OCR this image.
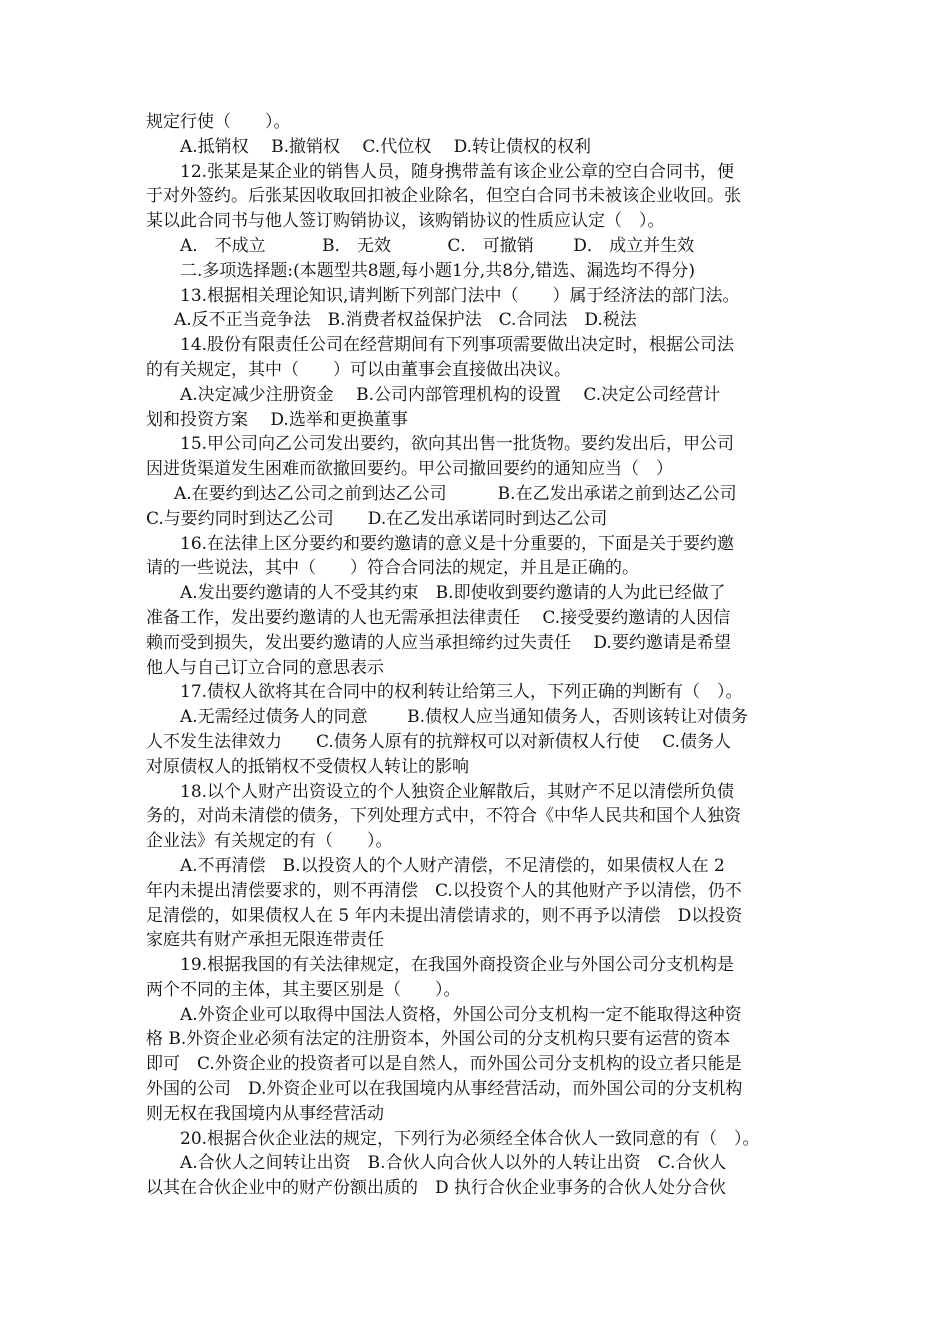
规定行使（　　）。
A.抵销权　 B.撤销权　 C.代位权　 D.转让债权的权利
12.张某是某企业的销售人员，随身携带盖有该企业公章的空白合同书，便
于对外签约。后张某因收取回扣被企业除名，但空白合同书未被该企业收回。张
某以此合同书与他人签订购销协议，该购销协议的性质应认定（　）。
A． 不成立　　　 B． 无效　　　 C． 可撤销　　 D． 成立并生效
二.多项选择题:(本题型共8题,每小题1分,共8分,错选、漏选均不得分)
13.根据相关理论知识,请判断下列部门法中（　　）属于经济法的部门法。
A.反不正当竞争法　B.消费者权益保护法　C.合同法　D.税法
14.股份有限责任公司在经营期间有下列事项需要做出决定时，根据公司法
的有关规定，其中（　　）可以由董事会直接做出决议。
A.决定减少注册资金　 B.公司内部管理机构的设置　 C.决定公司经营计
划和投资方案　 D.选举和更换董事
15.甲公司向乙公司发出要约，欲向其出售一批货物。要约发出后，甲公司
因进货渠道发生困难而欲撤回要约。甲公司撤回要约的通知应当（　）
A.在要约到达乙公司之前到达乙公司　　　B.在乙发出承诺之前到达乙公司
C.与要约同时到达乙公司　　D.在乙发出承诺同时到达乙公司
16.在法律上区分要约和要约邀请的意义是十分重要的，下面是关于要约邀
请的一些说法，其中（　　）符合合同法的规定，并且是正确的。
A.发出要约邀请的人不受其约束　B.即使收到要约邀请的人为此已经做了
准备工作，发出要约邀请的人也无需承担法律责任　 C.接受要约邀请的人因信
赖而受到损失，发出要约邀请的人应当承担缔约过失责任　 D.要约邀请是希望
他人与自己订立合同的意思表示
17.债权人欲将其在合同中的权利转让给第三人，下列正确的判断有（　）。
A.无需经过债务人的同意　　 B.债权人应当通知债务人，否则该转让对债务
人不发生法律效力　　C.债务人原有的抗辩权可以对新债权人行使　 C.债务人
对原债权人的抵销权不受债权人转让的影响
18.以个人财产出资设立的个人独资企业解散后，其财产不足以清偿所负债
务的，对尚未清偿的债务，下列处理方式中，不符合《中华人民共和国个人独资
企业法》有关规定的有（　　）。
A.不再清偿　B.以投资人的个人财产清偿，不足清偿的，如果债权人在 2
年内未提出清偿要求的，则不再清偿　C.以投资个人的其他财产予以清偿，仍不
足清偿的，如果债权人在 5 年内未提出清偿请求的，则不再予以清偿　D以投资
家庭共有财产承担无限连带责任
19.根据我国的有关法律规定，在我国外商投资企业与外国公司分支机构是
两个不同的主体，其主要区别是（　　）。
A.外资企业可以取得中国法人资格，外国公司分支机构一定不能取得这种资
格 B.外资企业必须有法定的注册资本，外国公司的分支机构只要有运营的资本
即可　C.外资企业的投资者可以是自然人，而外国公司分支机构的设立者只能是
外国的公司　D.外资企业可以在我国境内从事经营活动，而外国公司的分支机构
则无权在我国境内从事经营活动
20.根据合伙企业法的规定，下列行为必须经全体合伙人一致同意的有（　）。
A.合伙人之间转让出资　B.合伙人向合伙人以外的人转让出资　C.合伙人
以其在合伙企业中的财产份额出质的　D 执行合伙企业事务的合伙人处分合伙
